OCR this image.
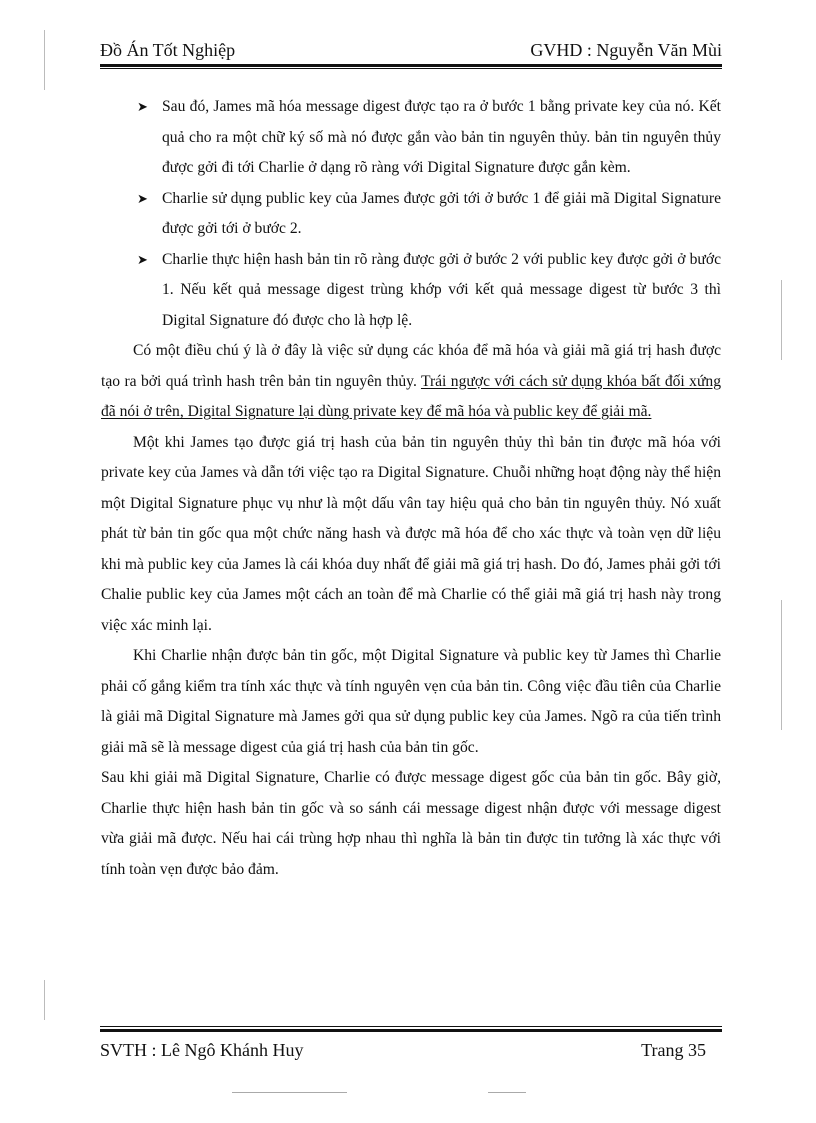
Đồ Án Tốt Nghiệp	GVHD : Nguyễn Văn Mùi
➤ Sau đó, James mã hóa message digest được tạo ra ở bước 1 bằng private key của nó. Kết quả cho ra một chữ ký số mà nó được gắn vào bản tin nguyên thủy. bản tin nguyên thủy được gởi đi tới Charlie ở dạng rõ ràng với Digital Signature được gắn kèm.
➤ Charlie sử dụng public key của James được gởi tới ở bước 1 để giải mã Digital Signature được gởi tới ở bước 2.
➤ Charlie thực hiện hash bản tin rõ ràng được gởi ở bước 2 với public key được gởi ở bước 1. Nếu kết quả message digest trùng khớp với kết quả message digest từ bước 3 thì Digital Signature đó được cho là hợp lệ.
Có một điều chú ý là ở đây là việc sử dụng các khóa để mã hóa và giải mã giá trị hash được tạo ra bởi quá trình hash trên bản tin nguyên thủy. Trái ngược với cách sử dụng khóa bất đối xứng đã nói ở trên, Digital Signature lại dùng private key để mã hóa và public key để giải mã.
Một khi James tạo được giá trị hash của bản tin nguyên thủy thì bản tin được mã hóa với private key của James và dẫn tới việc tạo ra Digital Signature. Chuỗi những hoạt động này thể hiện một Digital Signature phục vụ như là một dấu vân tay hiệu quả cho bản tin nguyên thủy. Nó xuất phát từ bản tin gốc qua một chức năng hash và được mã hóa để cho xác thực và toàn vẹn dữ liệu khi mà public key của James là cái khóa duy nhất để giải mã giá trị hash. Do đó, James phải gởi tới Chalie public key của James một cách an toàn để mà Charlie có thể giải mã giá trị hash này trong việc xác minh lại.
Khi Charlie nhận được bản tin gốc, một Digital Signature và public key từ James thì Charlie phải cố gắng kiểm tra tính xác thực và tính nguyên vẹn của bản tin. Công việc đầu tiên của Charlie là giải mã Digital Signature mà James gởi qua sử dụng public key của James. Ngõ ra của tiến trình giải mã sẽ là message digest của giá trị hash của bản tin gốc.
Sau khi giải mã Digital Signature, Charlie có được message digest gốc của bản tin gốc. Bây giờ, Charlie thực hiện hash bản tin gốc và so sánh cái message digest nhận được với message digest vừa giải mã được. Nếu hai cái trùng hợp nhau thì nghĩa là bản tin được tin tưởng là xác thực với tính toàn vẹn được bảo đảm.
SVTH : Lê Ngô Khánh Huy	Trang 35
